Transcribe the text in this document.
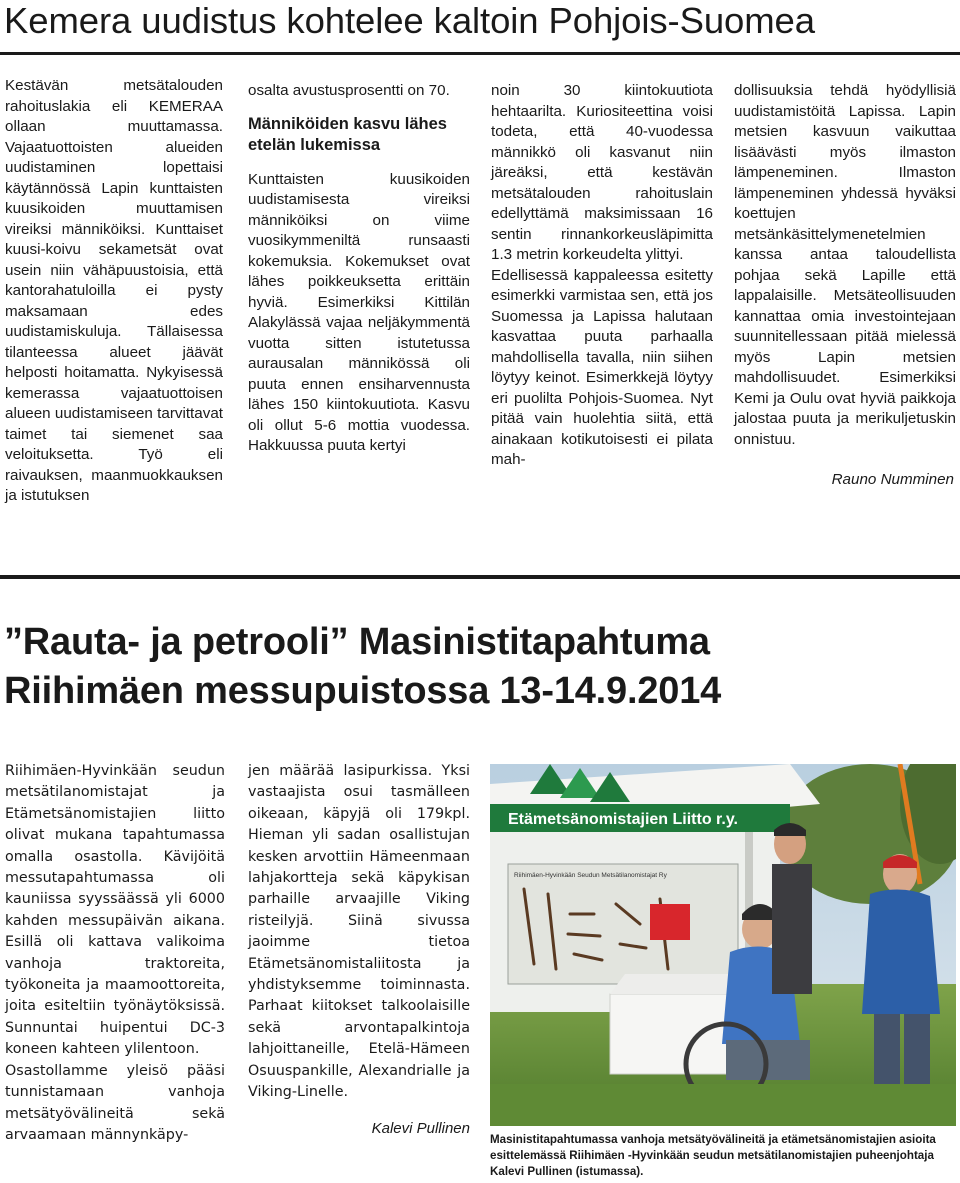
Kemera uudistus kohtelee kaltoin Pohjois-Suomea

Kestävän metsätalouden rahoituslakia eli KEMERAA ollaan muuttamassa. Vajaatuottoisten alueiden uudistaminen lopettaisi käytännössä Lapin kunttaisten kuusikoiden muuttamisen vireiksi männiköiksi. Kunttaiset kuusi-koivu sekametsät ovat usein niin vähäpuustoisia, että kantorahatuloilla ei pysty maksamaan edes uudistamiskuluja. Tällaisessa tilanteessa alueet jäävät helposti hoitamatta. Nykyisessä kemerassa vajaatuottoisen alueen uudistamiseen tarvittavat taimet tai siemenet saa veloituksetta. Työ eli raivauksen, maanmuokkauksen ja istutuksen

osalta avustusprosentti on 70.

Männiköiden kasvu lähes etelän lukemissa

Kunttaisten kuusikoiden uudistamisesta vireiksi männiköiksi on viime vuosikymmeniltä runsaasti kokemuksia. Kokemukset ovat lähes poikkeuksetta erittäin hyviä. Esimerkiksi Kittilän Alakylässä vajaa neljäkymmentä vuotta sitten istutetussa aurausalan männikössä oli puuta ennen ensiharvennusta lähes 150 kiintokuutiota. Kasvu oli ollut 5-6 mottia vuodessa. Hakkuussa puuta kertyi

noin 30 kiintokuutiota hehtaarilta. Kuriositeettina voisi todeta, että 40-vuodessa männikkö oli kasvanut niin järeäksi, että kestävän metsätalouden rahoituslain edellyttämä maksimissaan 16 sentin rinnankorkeusläpimitta 1.3 metrin korkeudelta ylittyi.

Edellisessä kappaleessa esitetty esimerkki varmistaa sen, että jos Suomessa ja Lapissa halutaan kasvattaa puuta parhaalla mahdollisella tavalla, niin siihen löytyy keinot. Esimerkkejä löytyy eri puolilta Pohjois-Suomea. Nyt pitää vain huolehtia siitä, että ainakaan kotikutoisesti ei pilata mah-

dollisuuksia tehdä hyödyllisiä uudistamistöitä Lapissa. Lapin metsien kasvuun vaikuttaa lisäävästi myös ilmaston lämpeneminen. Ilmaston lämpeneminen yhdessä hyväksi koettujen metsänkäsittelymenetelmien kanssa antaa taloudellista pohjaa sekä Lapille että lappalaisille. Metsäteollisuuden kannattaa omia investointejaan suunnitellessaan pitää mielessä myös Lapin metsien mahdollisuudet. Esimerkiksi Kemi ja Oulu ovat hyviä paikkoja jalostaa puuta ja merikuljetuskin onnistuu.

Rauno Numminen

”Rauta- ja petrooli” Masinistitapahtuma
Riihimäen messupuistossa 13-14.9.2014

Riihimäen-Hyvinkään seudun metsätilanomistajat ja Etämetsänomistajien liitto olivat mukana tapahtumassa omalla osastolla. Kävijöitä messutapahtumassa oli kauniissa syyssäässä yli 6000 kahden messupäivän aikana. Esillä oli kattava valikoima vanhoja traktoreita, työkoneita ja maamoottoreita, joita esiteltiin työnäytöksissä. Sunnuntai huipentui DC-3 koneen kahteen ylilentoon.

Osastollamme yleisö pääsi tunnistamaan vanhoja metsätyövälineitä sekä arvaamaan männynkäpy-

jen määrää lasipurkissa. Yksi vastaajista osui tasmälleen oikeaan, käpyjä oli 179kpl. Hieman yli sadan osallistujan kesken arvottiin Hämeenmaan lahjakortteja sekä käpykisan parhaille arvaajille Viking risteilyjä. Siinä sivussa jaoimme tietoa Etämetsänomistaliitosta ja yhdistyksemme toiminnasta. Parhaat kiitokset talkoolaisille sekä arvontapalkintoja lahjoittaneille, Etelä-Hämeen Osuuspankille, Alexandrialle ja Viking-Linelle.

Kalevi Pullinen

Etämetsänomistajien Liitto r.y.
Riihimäen-Hyvinkään Seudun Metsätilanomistajat Ry
Masinistitapahtumassa vanhoja metsätyövälineitä ja etämetsänomistajien asioita esittelemässä Riihimäen -Hyvinkään seudun metsätilanomistajien puheenjohtaja Kalevi Pullinen (istumassa).
